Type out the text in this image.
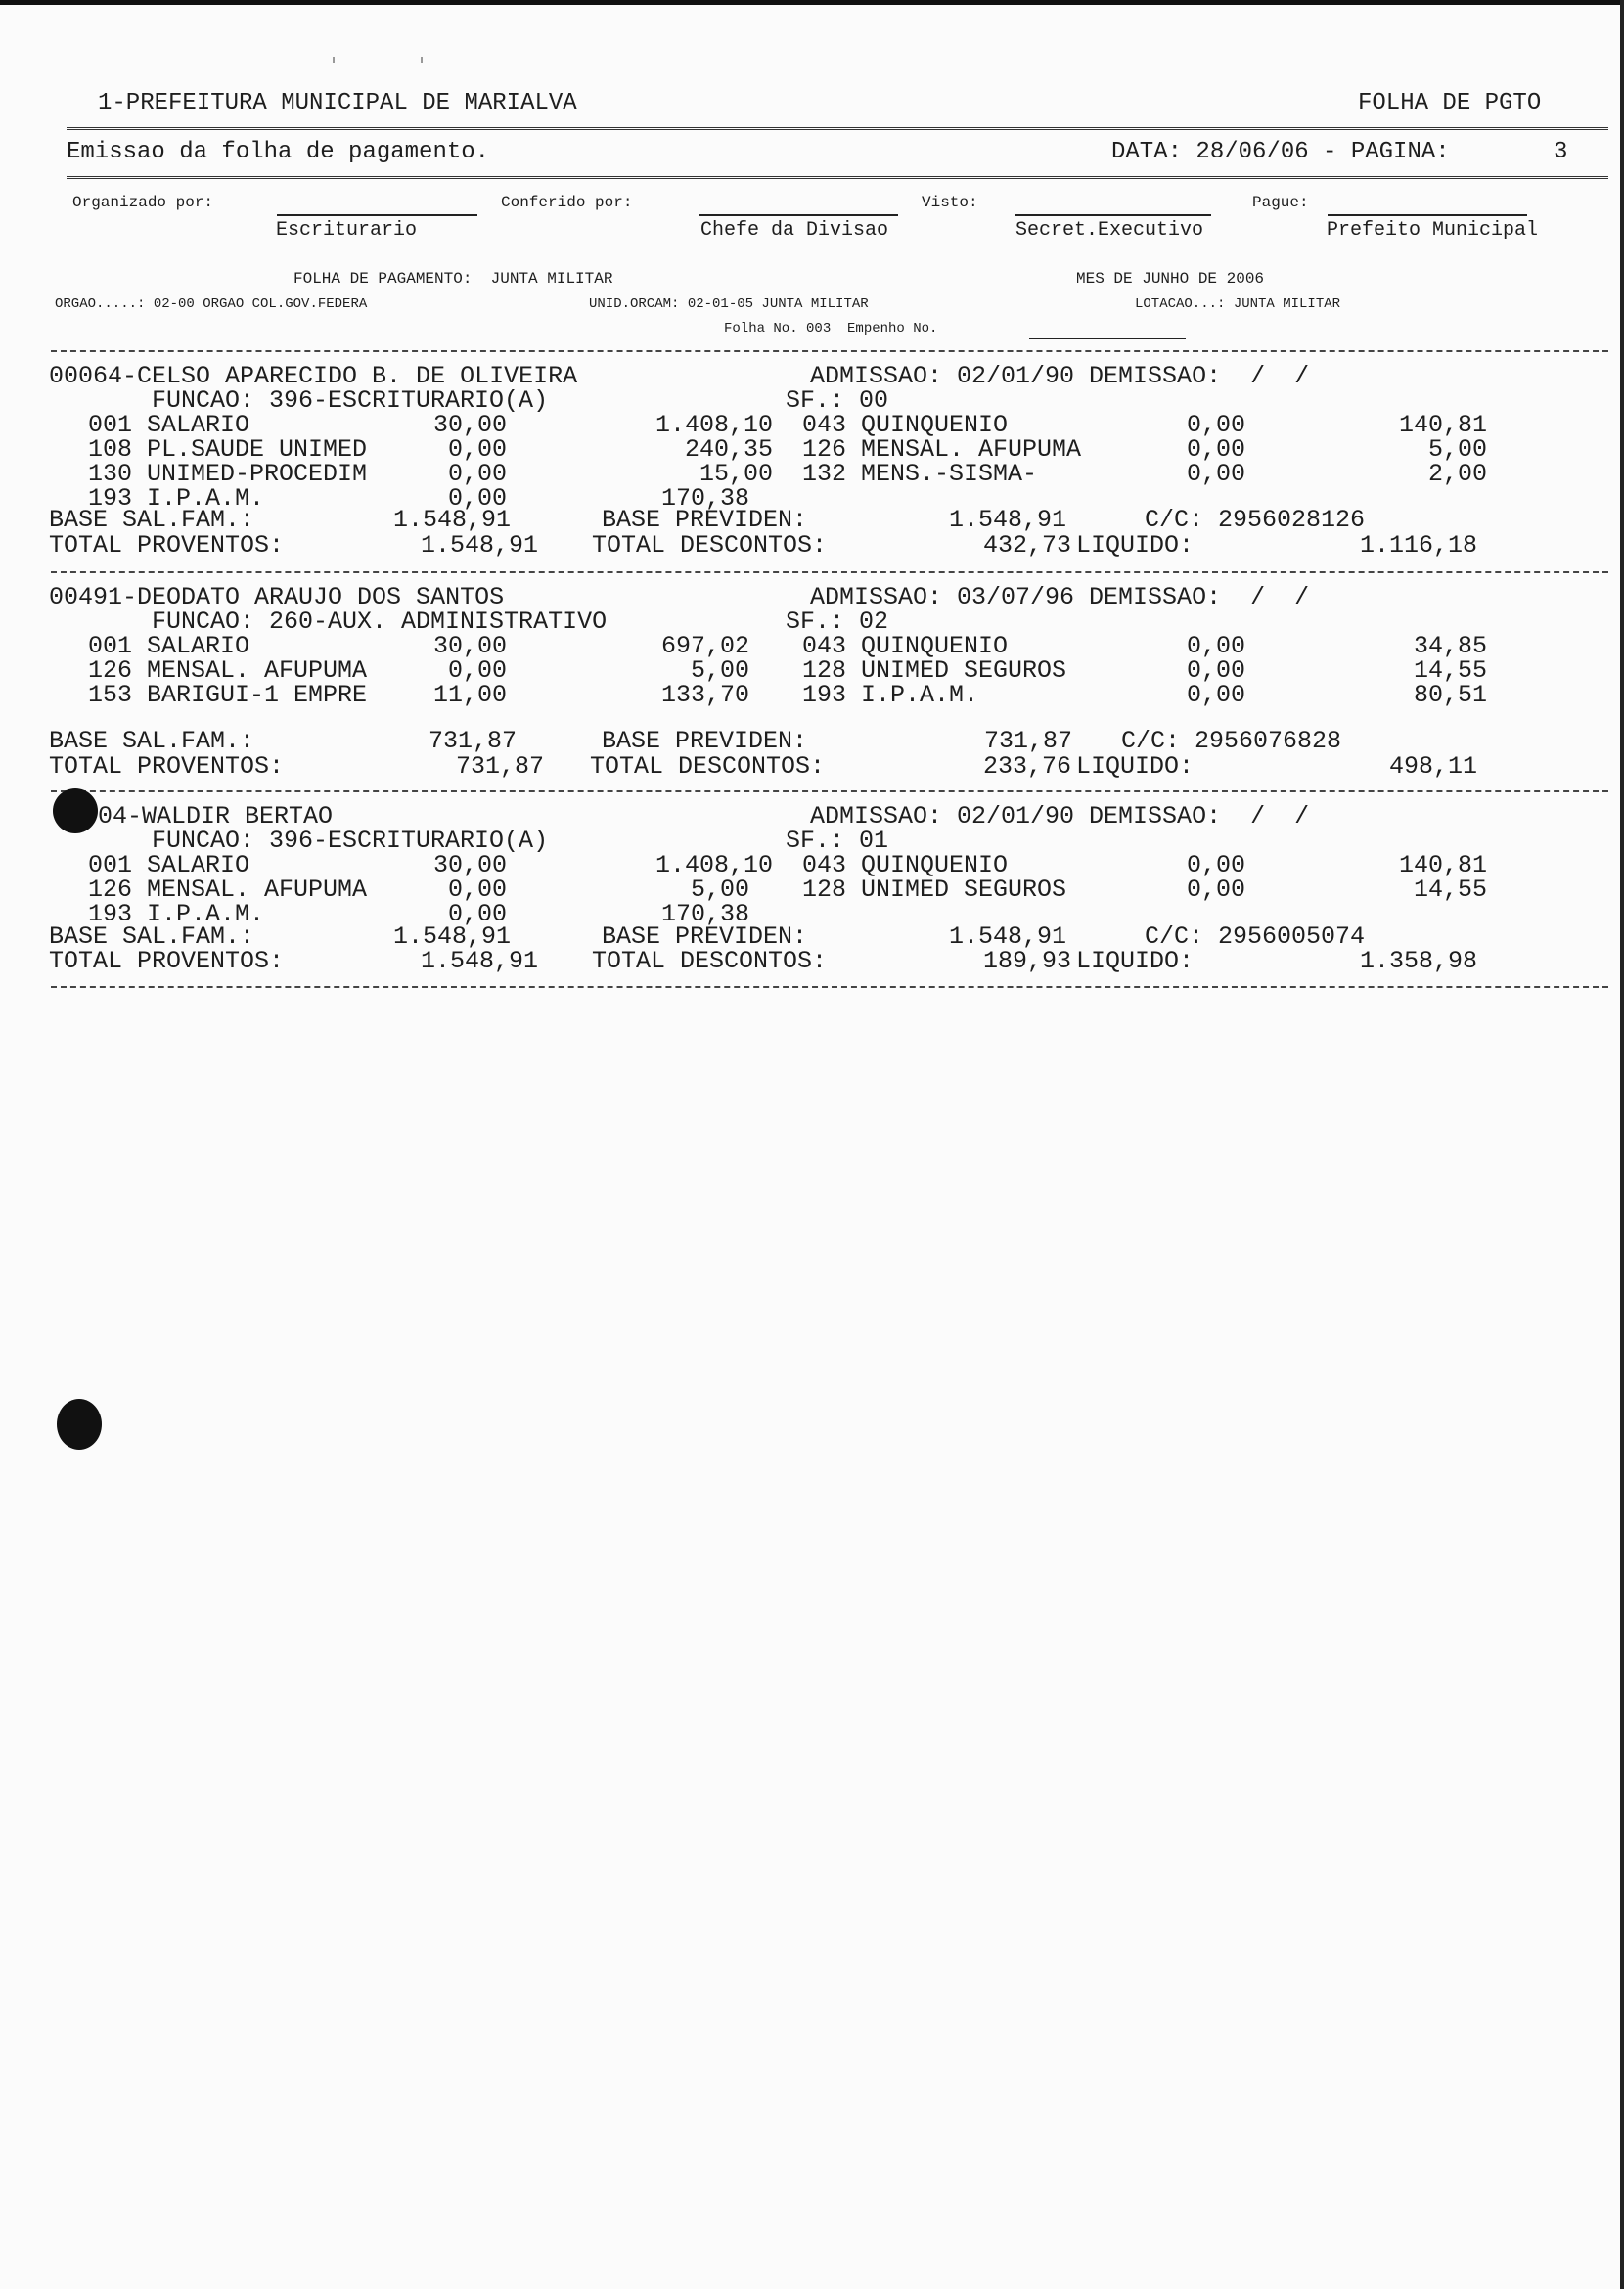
1-PREFEITURA MUNICIPAL DE MARIALVA	FOLHA DE PGTO
Emissao da folha de pagamento.	DATA: 28/06/06 - PAGINA:	3
Organizado por:	Conferido por:	Visto:	Pague:
Escriturario	Chefe da Divisao	Secret.Executivo	Prefeito Municipal
FOLHA DE PAGAMENTO:  JUNTA MILITAR	MES DE JUNHO DE 2006
ORGAO.....: 02-00 ORGAO COL.GOV.FEDERA	UNID.ORCAM: 02-01-05 JUNTA MILITAR	LOTACAO...: JUNTA MILITAR
Folha No. 003  Empenho No.
00064-CELSO APARECIDO B. DE OLIVEIRA	ADMISSAO: 02/01/90 DEMISSAO:  /  /
FUNCAO: 396-ESCRITURARIO(A)	SF.: 00
001 SALARIO	30,00	1.408,10 043 QUINQUENIO	0,00	140,81
108 PL.SAUDE UNIMED	0,00	240,35 126 MENSAL. AFUPUMA	0,00	5,00
130 UNIMED-PROCEDIM	0,00	15,00 132 MENS.-SISMA-	0,00	2,00
193 I.P.A.M.	0,00	170,38
BASE SAL.FAM.:	1.548,91	BASE PREVIDEN:	1.548,91	C/C: 2956028126
TOTAL PROVENTOS:	1.548,91 TOTAL DESCONTOS:	432,73 LIQUIDO:	1.116,18
00491-DEODATO ARAUJO DOS SANTOS	ADMISSAO: 03/07/96 DEMISSAO:  /  /
FUNCAO: 260-AUX. ADMINISTRATIVO	SF.: 02
001 SALARIO	30,00	697,02 043 QUINQUENIO	0,00	34,85
126 MENSAL. AFUPUMA	0,00	5,00 128 UNIMED SEGUROS	0,00	14,55
153 BARIGUI-1 EMPRE	11,00	133,70 193 I.P.A.M.	0,00	80,51
BASE SAL.FAM.:	731,87	BASE PREVIDEN:	731,87 C/C: 2956076828
TOTAL PROVENTOS:	731,87 TOTAL DESCONTOS:	233,76 LIQUIDO:	498,11
04-WALDIR BERTAO	ADMISSAO: 02/01/90 DEMISSAO:  /  /
FUNCAO: 396-ESCRITURARIO(A)	SF.: 01
001 SALARIO	30,00	1.408,10 043 QUINQUENIO	0,00	140,81
126 MENSAL. AFUPUMA	0,00	5,00 128 UNIMED SEGUROS	0,00	14,55
193 I.P.A.M.	0,00	170,38
BASE SAL.FAM.:	1.548,91	BASE PREVIDEN:	1.548,91	C/C: 2956005074
TOTAL PROVENTOS:	1.548,91 TOTAL DESCONTOS:	189,93 LIQUIDO:	1.358,98
